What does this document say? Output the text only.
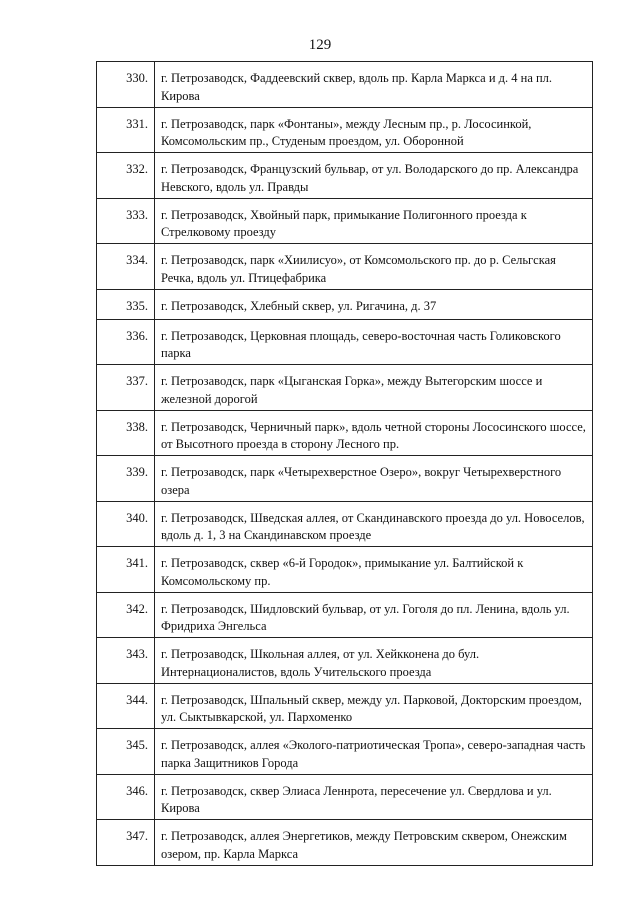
129
330.	г. Петрозаводск, Фаддеевский сквер, вдоль пр. Карла Маркса и д. 4 на пл. Кирова
331.	г. Петрозаводск, парк «Фонтаны», между Лесным пр., р. Лососинкой, Комсомольским пр., Студеным проездом, ул. Оборонной
332.	г. Петрозаводск, Французский бульвар, от ул. Володарского до пр. Александра Невского, вдоль ул. Правды
333.	г. Петрозаводск, Хвойный парк, примыкание Полигонного проезда к Стрелковому проезду
334.	г. Петрозаводск, парк «Хиилисуо», от Комсомольского пр. до р. Сельгская Речка, вдоль ул. Птицефабрика
335.	г. Петрозаводск, Хлебный сквер, ул. Ригачина, д. 37
336.	г. Петрозаводск, Церковная площадь, северо-восточная часть Голиковского парка
337.	г. Петрозаводск, парк «Цыганская Горка», между Вытегорским шоссе и железной дорогой
338.	г. Петрозаводск, Черничный парк», вдоль четной стороны Лососинского шоссе, от Высотного проезда в сторону Лесного пр.
339.	г. Петрозаводск, парк «Четырехверстное Озеро», вокруг Четырехверстного озера
340.	г. Петрозаводск, Шведская аллея, от Скандинавского проезда до ул. Новоселов, вдоль д. 1, 3 на Скандинавском проезде
341.	г. Петрозаводск, сквер «6-й Городок», примыкание ул. Балтийской к Комсомольскому пр.
342.	г. Петрозаводск, Шидловский бульвар, от ул. Гоголя до пл. Ленина, вдоль ул. Фридриха Энгельса
343.	г. Петрозаводск, Школьная аллея, от ул. Хейкконена до бул. Интернационалистов, вдоль Учительского проезда
344.	г. Петрозаводск, Шпальный сквер, между ул. Парковой, Докторским проездом, ул. Сыктывкарской, ул. Пархоменко
345.	г. Петрозаводск, аллея «Эколого-патриотическая Тропа», северо-западная часть парка Защитников Города
346.	г. Петрозаводск, сквер Элиаса Леннрота, пересечение ул. Свердлова и ул. Кирова
347.	г. Петрозаводск, аллея Энергетиков, между Петровским сквером, Онежским озером, пр. Карла Маркса
